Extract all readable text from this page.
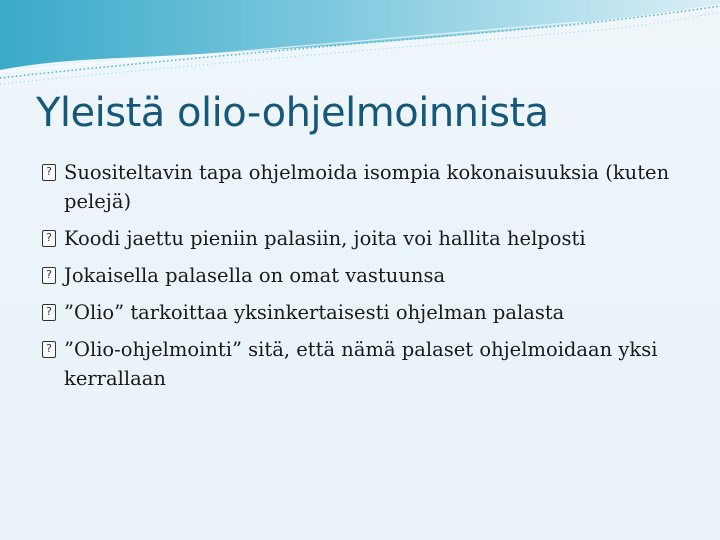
Yleistä olio-ohjelmoinnista
?
Suositeltavin tapa ohjelmoida isompia kokonaisuuksia (kuten pelejä)
?
Koodi jaettu pieniin palasiin, joita voi hallita helposti
?
Jokaisella palasella on omat vastuunsa
?
”Olio” tarkoittaa yksinkertaisesti ohjelman palasta
?
”Olio-ohjelmointi” sitä, että nämä palaset ohjelmoidaan yksi kerrallaan
